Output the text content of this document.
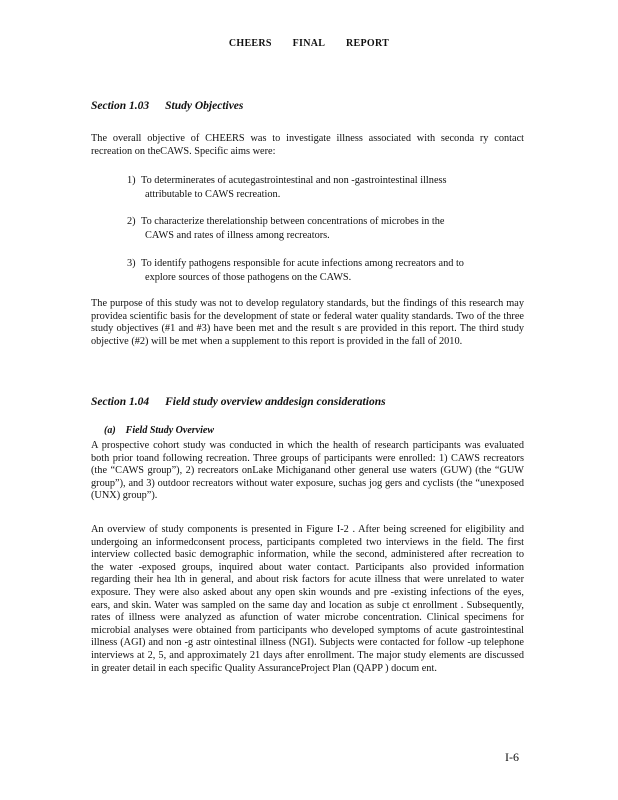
CHEERS FINAL REPORT
Section 1.03 Study Objectives
The overall objective of CHEERS was to investigate illness associated with seconda ry contact recreation on theCAWS. Specific aims were:
1) To determinerates of acutegastrointestinal and non -gastrointestinal illness
attributable to CAWS recreation.
2) To characterize therelationship between concentrations of microbes in the
CAWS and rates of illness among recreators.
3) To identify pathogens responsible for acute infections among recreators and to
explore sources of those pathogens on the CAWS.
The purpose of this study was not to develop regulatory standards, but the findings of this research may providea scientific basis for the development of state or federal water quality standards. Two of the three study objectives (#1 and #3) have been met and the result s are provided in this report. The third study objective (#2) will be met when a supplement to this report is provided in the fall of 2010.
Section 1.04 Field study overview anddesign considerations
(a) Field Study Overview
A prospective cohort study was conducted in which the health of research participants was evaluated both prior toand following recreation. Three groups of participants were enrolled: 1) CAWS recreators (the “CAWS group”), 2) recreators onLake Michiganand other general use waters (GUW) (the “GUW group”), and 3) outdoor recreators without water exposure, suchas jog gers and cyclists (the “unexposed (UNX) group”).
An overview of study components is presented in Figure I-2 . After being screened for eligibility and undergoing an informedconsent process, participants completed two interviews in the field. The first interview collected basic demographic information, while the second, administered after recreation to the water -exposed groups, inquired about water contact. Participants also provided information regarding their hea lth in general, and about risk factors for acute illness that were unrelated to water exposure. They were also asked about any open skin wounds and pre -existing infections of the eyes, ears, and skin. Water was sampled on the same day and location as subje ct enrollment . Subsequently, rates of illness were analyzed as afunction of water microbe concentration. Clinical specimens for microbial analyses were obtained from participants who developed symptoms of acute gastrointestinal illness (AGI) and non -g astr ointestinal illness (NGI). Subjects were contacted for follow -up telephone interviews at 2, 5, and approximately 21 days after enrollment. The major study elements are discussed in greater detail in each specific Quality AssuranceProject Plan (QAPP ) docum ent.
I-6
